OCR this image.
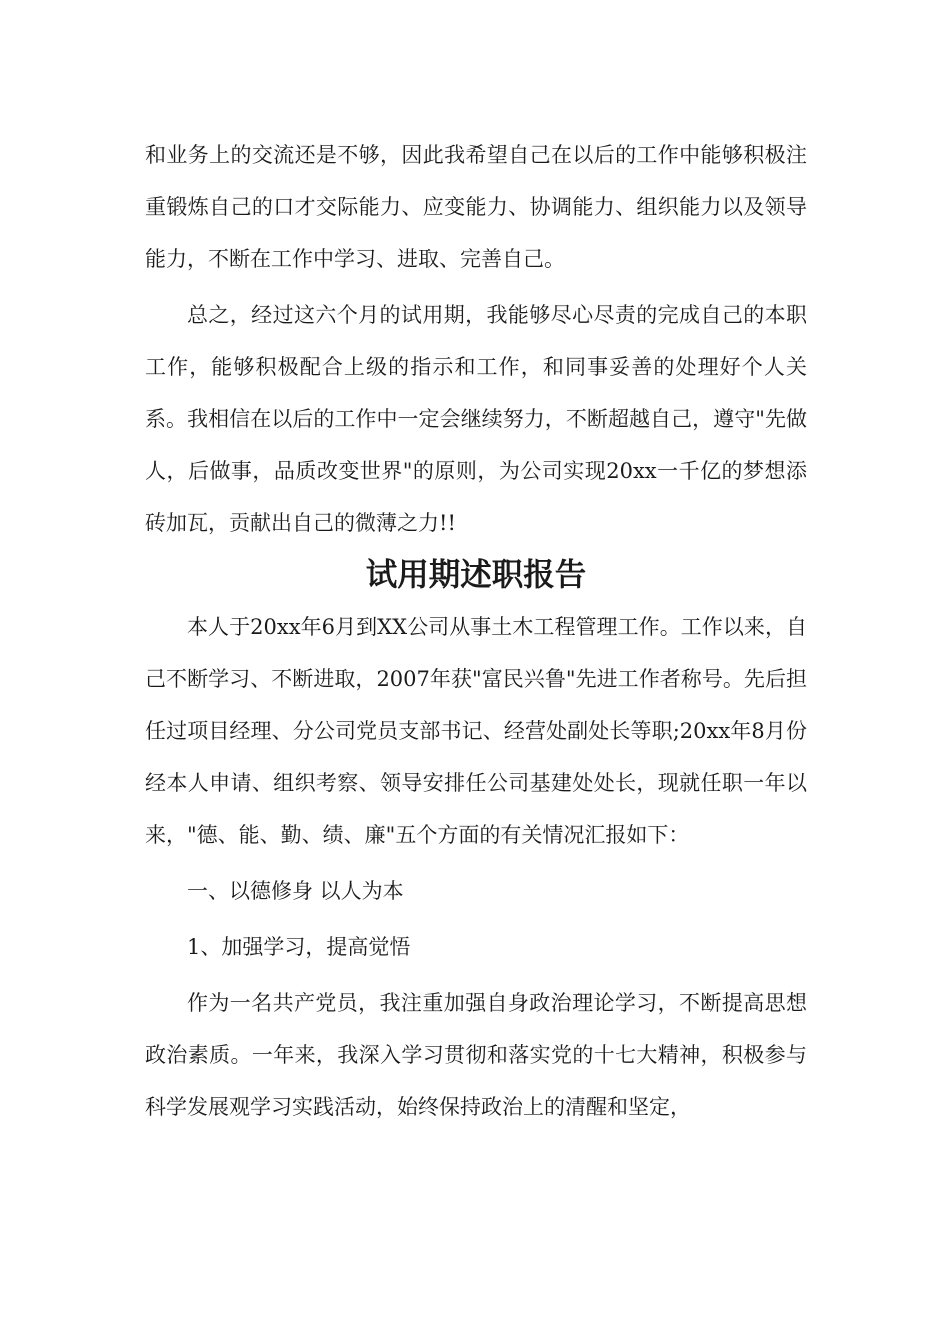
和业务上的交流还是不够，因此我希望自己在以后的工作中能够积极注重锻炼自己的口才交际能力、应变能力、协调能力、组织能力以及领导能力，不断在工作中学习、进取、完善自己。

总之，经过这六个月的试用期，我能够尽心尽责的完成自己的本职工作，能够积极配合上级的指示和工作，和同事妥善的处理好个人关系。我相信在以后的工作中一定会继续努力，不断超越自己，遵守"先做人，后做事，品质改变世界"的原则，为公司实现20xx一千亿的梦想添砖加瓦，贡献出自己的微薄之力!!

试用期述职报告

本人于20xx年6月到XX公司从事土木工程管理工作。工作以来，自己不断学习、不断进取，2007年获"富民兴鲁"先进工作者称号。先后担任过项目经理、分公司党员支部书记、经营处副处长等职;20xx年8月份经本人申请、组织考察、领导安排任公司基建处处长，现就任职一年以来，"德、能、勤、绩、廉"五个方面的有关情况汇报如下：

一、以德修身 以人为本

1、加强学习，提高觉悟

作为一名共产党员，我注重加强自身政治理论学习，不断提高思想政治素质。一年来，我深入学习贯彻和落实党的十七大精神，积极参与科学发展观学习实践活动，始终保持政治上的清醒和坚定，
